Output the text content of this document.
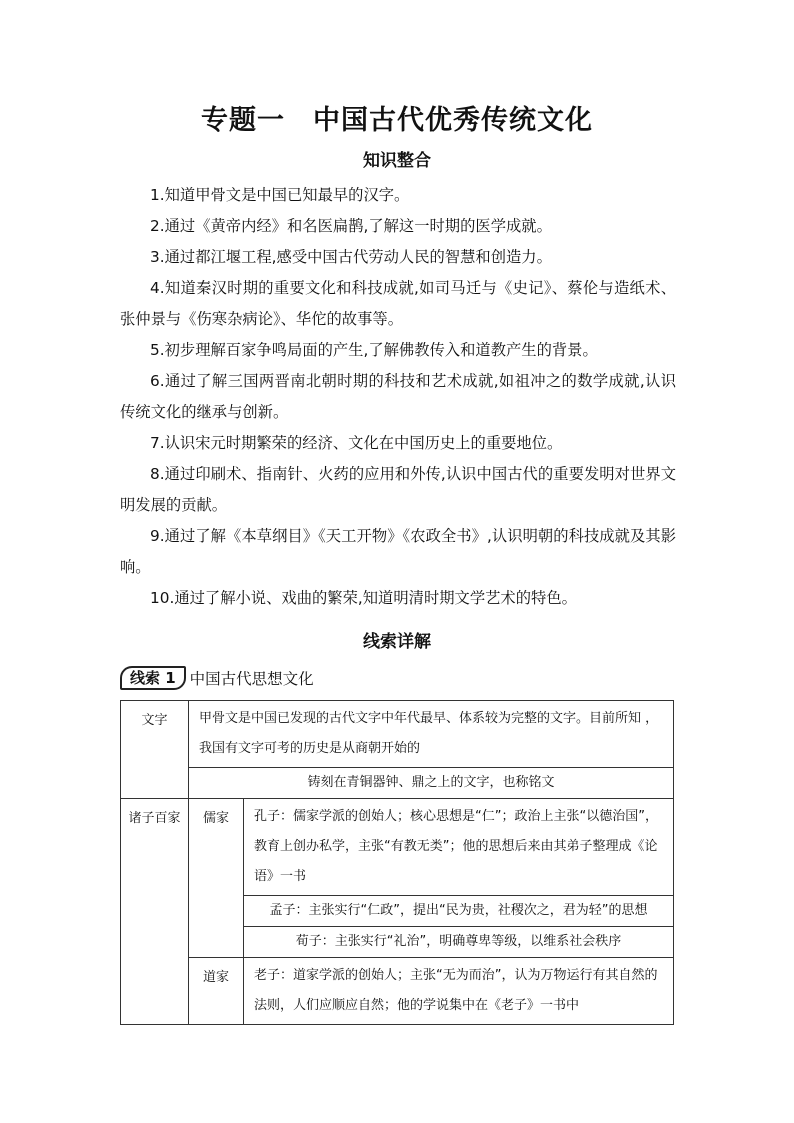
专题一　中国古代优秀传统文化
知识整合

1.知道甲骨文是中国已知最早的汉字。

2.通过《黄帝内经》和名医扁鹊,了解这一时期的医学成就。

3.通过都江堰工程,感受中国古代劳动人民的智慧和创造力。

4.知道秦汉时期的重要文化和科技成就,如司马迁与《史记》、蔡伦与造纸术、张仲景与《伤寒杂病论》、华佗的故事等。

5.初步理解百家争鸣局面的产生,了解佛教传入和道教产生的背景。

6.通过了解三国两晋南北朝时期的科技和艺术成就,如祖冲之的数学成就,认识传统文化的继承与创新。

7.认识宋元时期繁荣的经济、文化在中国历史上的重要地位。

8.通过印刷术、指南针、火药的应用和外传,认识中国古代的重要发明对世界文明发展的贡献。

9.通过了解《本草纲目》《天工开物》《农政全书》,认识明朝的科技成就及其影响。

10.通过了解小说、戏曲的繁荣,知道明清时期文学艺术的特色。

线索详解
线索 1 中国古代思想文化
文字	甲骨文是中国已发现的古代文字中年代最早、体系较为完整的文字。目前所知 ，我国有文字可考的历史是从商朝开始的	
	铸刻在青铜器钟、鼎之上的文字，也称铭文	
诸子百家	儒家	孔子：儒家学派的创始人；核心思想是“仁”；政治上主张“以德治国”，教育上创办私学，主张“有教无类”；他的思想后来由其弟子整理成《论语》一书
		孟子：主张实行“仁政”，提出“民为贵，社稷次之，君为轻”的思想
		荀子：主张实行“礼治”，明确尊卑等级，以维系社会秩序
	道家	老子：道家学派的创始人；主张“无为而治”，认为万物运行有其自然的法则，人们应顺应自然；他的学说集中在《老子》一书中
